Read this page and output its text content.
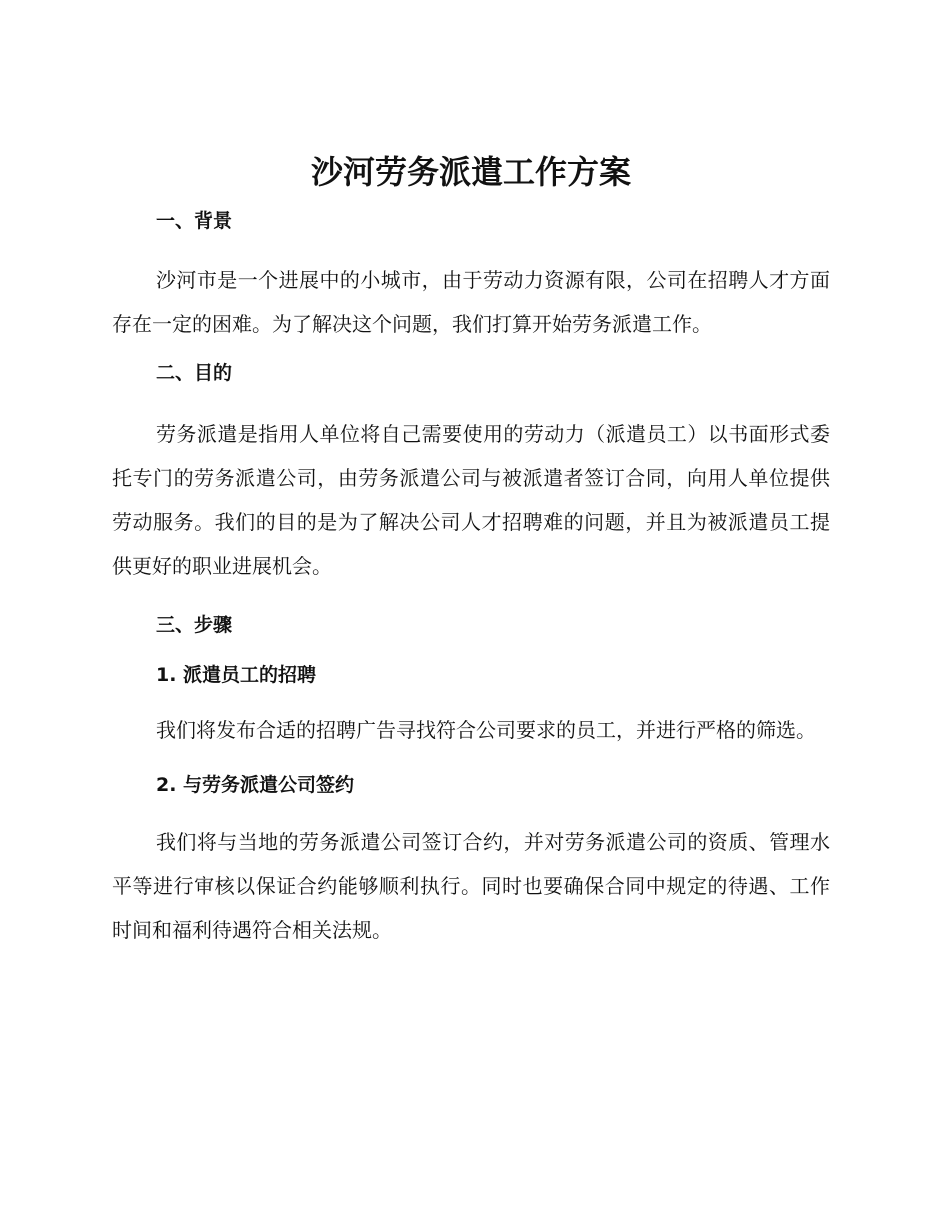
沙河劳务派遣工作方案
一、背景

沙河市是一个进展中的小城市，由于劳动力资源有限，公司在招聘人才方面存在一定的困难。为了解决这个问题，我们打算开始劳务派遣工作。

二、目的

劳务派遣是指用人单位将自己需要使用的劳动力（派遣员工）以书面形式委托专门的劳务派遣公司，由劳务派遣公司与被派遣者签订合同，向用人单位提供劳动服务。我们的目的是为了解决公司人才招聘难的问题，并且为被派遣员工提供更好的职业进展机会。

三、步骤
1. 派遣员工的招聘

我们将发布合适的招聘广告寻找符合公司要求的员工，并进行严格的筛选。

2. 与劳务派遣公司签约

我们将与当地的劳务派遣公司签订合约，并对劳务派遣公司的资质、管理水平等进行审核以保证合约能够顺利执行。同时也要确保合同中规定的待遇、工作时间和福利待遇符合相关法规。
